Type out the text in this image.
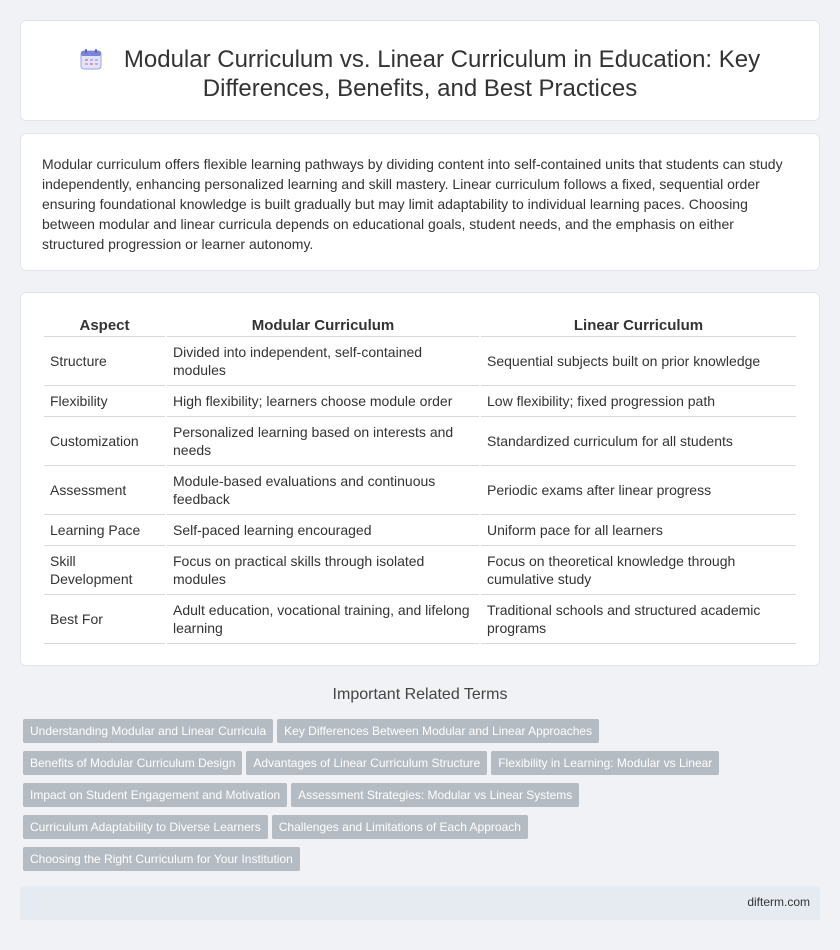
Modular Curriculum vs. Linear Curriculum in Education: Key Differences, Benefits, and Best Practices

Modular curriculum offers flexible learning pathways by dividing content into self-contained units that students can study independently, enhancing personalized learning and skill mastery. Linear curriculum follows a fixed, sequential order ensuring foundational knowledge is built gradually but may limit adaptability to individual learning paces. Choosing between modular and linear curricula depends on educational goals, student needs, and the emphasis on either structured progression or learner autonomy.

Aspect	Modular Curriculum	Linear Curriculum
Structure	Divided into independent, self-contained modules	Sequential subjects built on prior knowledge
Flexibility	High flexibility; learners choose module order	Low flexibility; fixed progression path
Customization	Personalized learning based on interests and needs	Standardized curriculum for all students
Assessment	Module-based evaluations and continuous feedback	Periodic exams after linear progress
Learning Pace	Self-paced learning encouraged	Uniform pace for all learners
Skill Development	Focus on practical skills through isolated modules	Focus on theoretical knowledge through cumulative study
Best For	Adult education, vocational training, and lifelong learning	Traditional schools and structured academic programs
Important Related Terms
Understanding Modular and Linear Curricula Key Differences Between Modular and Linear Approaches
Benefits of Modular Curriculum Design Advantages of Linear Curriculum Structure Flexibility in Learning: Modular vs Linear
Impact on Student Engagement and Motivation Assessment Strategies: Modular vs Linear Systems
Curriculum Adaptability to Diverse Learners Challenges and Limitations of Each Approach
Choosing the Right Curriculum for Your Institution
difterm.com
